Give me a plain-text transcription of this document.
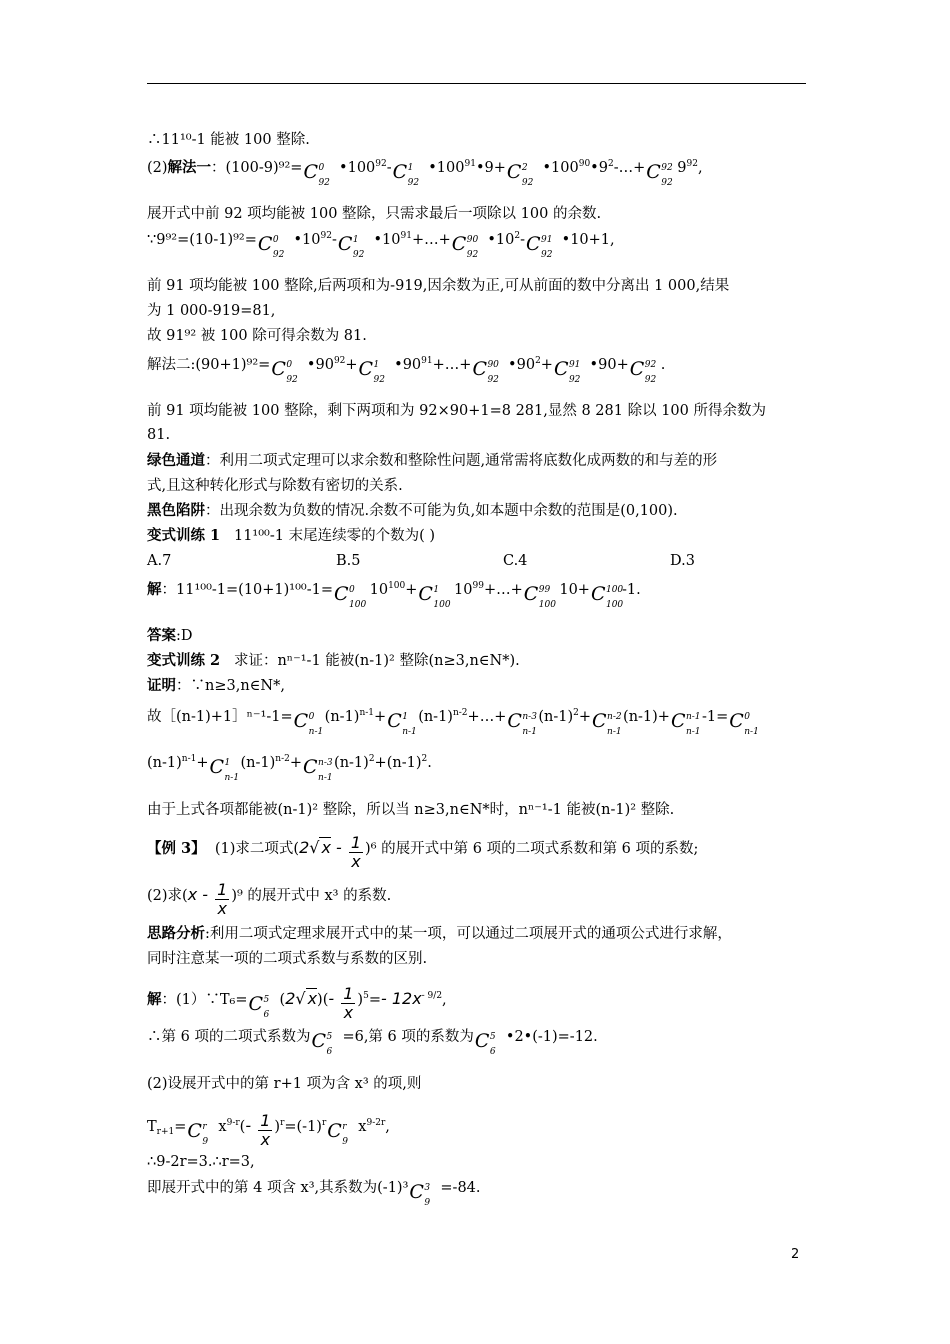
∴11¹⁰-1 能被 100 整除.
(2)解法一：(100-9)⁹²= C 0
92
$•100^{92}-$ C 1
92
$•100^{91}•9+ C$ 2
92
$•100^{90}•9^2-\dots+ C$ 92
92
$9^{92}$,
展开式中前 92 项均能被 100 整除，只需求最后一项除以 100 的余数.
∵9⁹²=(10-1)⁹²= C 0
92
$•10^{92}-$ C 1
92
$•10^{91}+\dots+ C$ 90
92
$•10^2-$ C 91
92
•10+1,
前 91 项均能被 100 整除,后两项和为-919,因余数为正,可从前面的数中分离出 1 000,结果
为 1 000-919=81,
故 91⁹² 被 100 除可得余数为 81.
解法二:(90+1)⁹²= C 0
92
$•90^{92}+ C$ 1
92
$•90^{91}+\dots+ C$ 90
92
$•90^2+ C$ 91
92
•90+ C 92
92
.
前 91 项均能被 100 整除，剩下两项和为 92×90+1=8 281,显然 8 281 除以 100 所得余数为
81.
绿色通道：利用二项式定理可以求余数和整除性问题,通常需将底数化成两数的和与差的形
式,且这种转化形式与除数有密切的关系.
黑色陷阱：出现余数为负数的情况.余数不可能为负,如本题中余数的范围是(0,100).
变式训练 1 11¹⁰⁰-1 末尾连续零的个数为( )
A.7	B.5	C.4	D.3
解：11¹⁰⁰-1=(10+1)¹⁰⁰-1= C 0
100
$10^{100}+ C$ 1
100
$10^{99}+\dots+ C$ 99
100
10+ C 100
100
-1.
答案:D
变式训练 2 求证：nⁿ⁻¹-1 能被(n-1)² 整除(n≥3,n∈N*).
证明：∵n≥3,n∈N*,
故［(n-1)+1］ⁿ⁻¹-1= C 0
n-1
$(n-1)^{n-1}+ C$ 1
n-1
$(n-1)^{n-2}+\dots+ C$ n-3
n-1
$(n-1)^2+ C$ n-2
n-1
(n-1)+ C n-1
n-1
-1= C 0
n-1
$(n-1)^{n-1}+ C$ 1
n-1
$(n-1)^{n-2}+ C$ n-3
n-1
$(n-1)^2+(n-1)^2$.
由于上式各项都能被(n-1)² 整除，所以当 n≥3,n∈N*时，nⁿ⁻¹-1 能被(n-1)² 整除.
【例 3】 (1)求二项式(2√ x - $\frac{1}{x} )^6$ 的展开式中第 6 项的二项式系数和第 6 项的系数;
(2)求$(x - \frac{1}{x} )^9$ 的展开式中 x³ 的系数.
思路分析:利用二项式定理求展开式中的某一项，可以通过二项展开式的通项公式进行求解，
同时注意某一项的二项式系数与系数的区别.
解：(1）∵T₆= C 5
6
(2√ $x)(- \frac{1}{x} )^5=-$ $12x^{- 9/2}$,
∴第 6 项的二项式系数为 C 5
6
=6,第 6 项的系数为 C 5
6
•2•(-1)=-12.
(2)设展开式中的第 r+1 项为含 x³ 的项,则
$T_{r+1}= C$ r
9
$x^{9-r}(- \frac{1}{x} )^r=(-1)^r$ C r
9
$x^{9-2r}$,
∴9-2r=3.∴r=3,
即展开式中的第 4 项含 x³,其系数为(-1)³ C 3
9
=-84.
2
